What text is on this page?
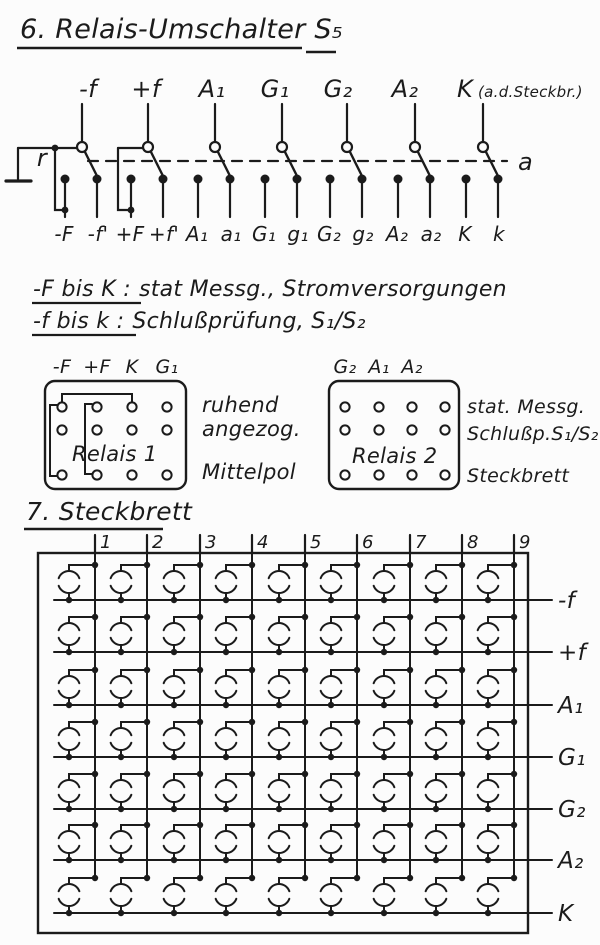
6. Relais-Umschalter S₅
r	a
-f
-F -f'
+f
+F +f'
A₁
A₁ a₁
G₁
G₁ g₁
G₂
G₂ g₂
A₂
A₂ a₂
K (a.d.Steckbr.)
K k
-F bis K : stat Messg., Stromversorgungen
-f bis k : Schlußprüfung, S₁/S₂
-F +F K G₁
Relais 1
ruhend
angezog.
Mittelpol
G₂ A₁ A₂
Relais 2
stat. Messg.
Schlußp.S₁/S₂
Steckbrett
7. Steckbrett
1 2 3 4 5 6 7 8 9
-f
+f
A₁
G₁
G₂
A₂
K
